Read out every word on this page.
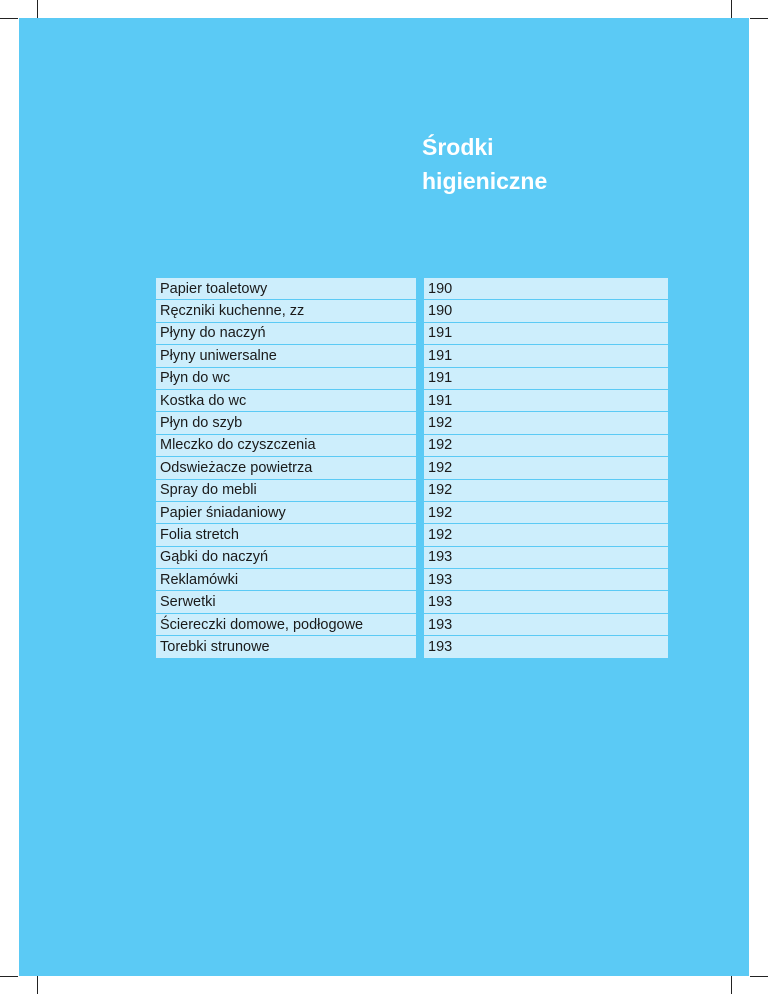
Środki
higieniczne
Papier toaletowy	190
Ręczniki kuchenne, zz	190
Płyny do naczyń	191
Płyny uniwersalne	191
Płyn do wc	191
Kostka do wc	191
Płyn do szyb	192
Mleczko do czyszczenia	192
Odswieżacze powietrza	192
Spray do mebli	192
Papier śniadaniowy	192
Folia stretch	192
Gąbki do naczyń	193
Reklamówki	193
Serwetki	193
Ściereczki domowe, podłogowe	193
Torebki strunowe	193
